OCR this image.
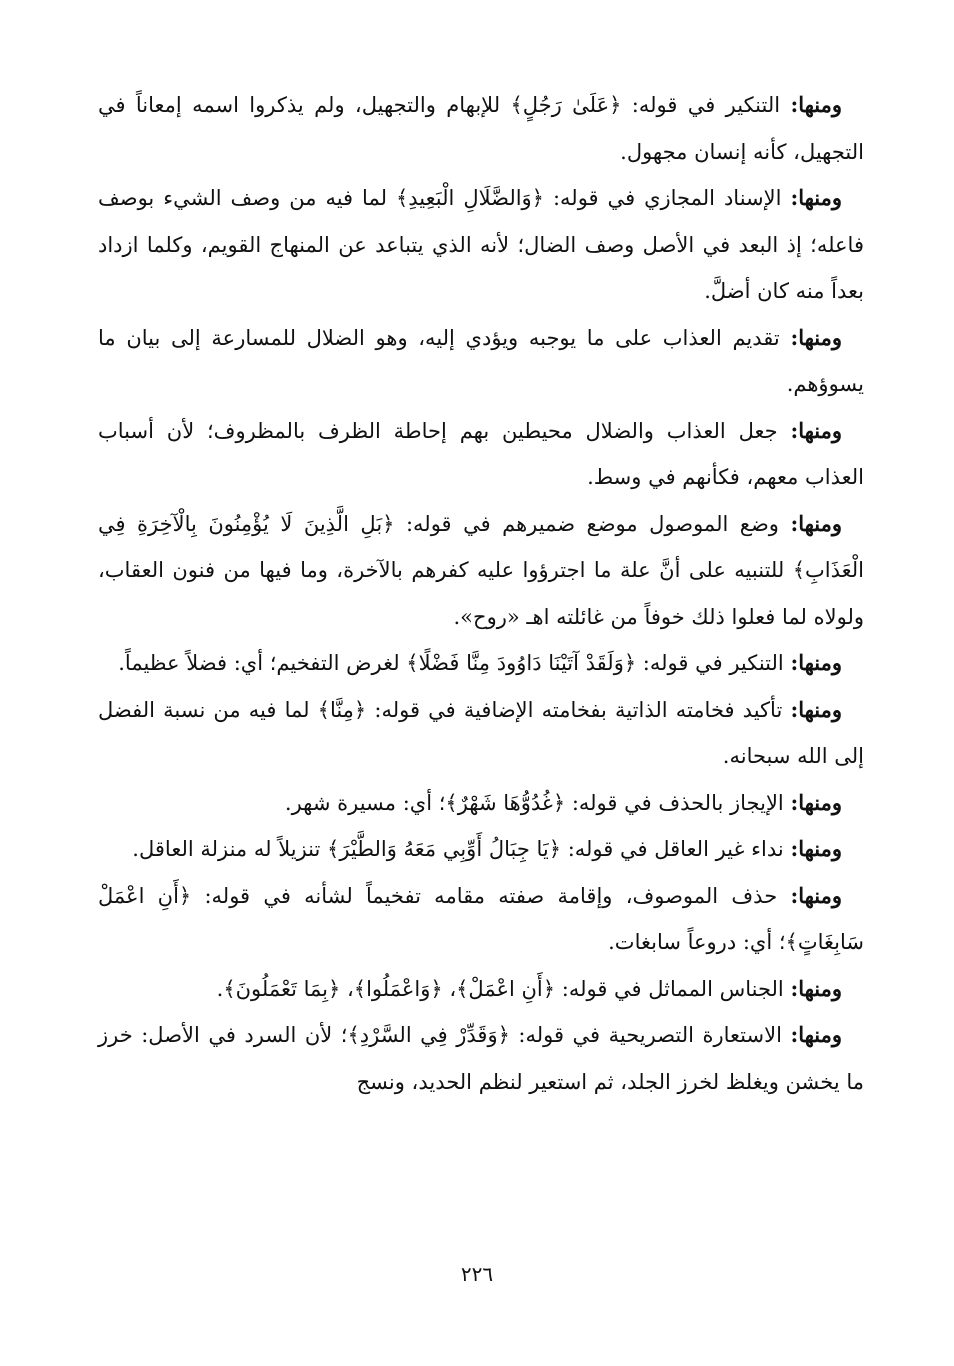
ومنها: التنكير في قوله: ﴿عَلَىٰ رَجُلٍ﴾ للإبهام والتجهيل، ولم يذكروا اسمه إمعاناً في التجهيل، كأنه إنسان مجهول.

ومنها: الإسناد المجازي في قوله: ﴿وَالضَّلَالِ الْبَعِيدِ﴾ لما فيه من وصف الشيء بوصف فاعله؛ إذ البعد في الأصل وصف الضال؛ لأنه الذي يتباعد عن المنهاج القويم، وكلما ازداد بعداً منه كان أضلَّ.

ومنها: تقديم العذاب على ما يوجبه ويؤدي إليه، وهو الضلال للمسارعة إلى بيان ما يسوؤهم.

ومنها: جعل العذاب والضلال محيطين بهم إحاطة الظرف بالمظروف؛ لأن أسباب العذاب معهم، فكأنهم في وسط.

ومنها: وضع الموصول موضع ضميرهم في قوله: ﴿بَلِ الَّذِينَ لَا يُؤْمِنُونَ بِالْآخِرَةِ فِي الْعَذَابِ﴾ للتنبيه على أنَّ علة ما اجترؤوا عليه كفرهم بالآخرة، وما فيها من فنون العقاب، ولولاه لما فعلوا ذلك خوفاً من غائلته اهـ «روح».

ومنها: التنكير في قوله: ﴿وَلَقَدْ آتَيْنَا دَاوُودَ مِنَّا فَضْلًا﴾ لغرض التفخيم؛ أي: فضلاً عظيماً.

ومنها: تأكيد فخامته الذاتية بفخامته الإضافية في قوله: ﴿مِنَّا﴾ لما فيه من نسبة الفضل إلى الله سبحانه.

ومنها: الإيجاز بالحذف في قوله: ﴿غُدُوُّهَا شَهْرٌ﴾؛ أي: مسيرة شهر.

ومنها: نداء غير العاقل في قوله: ﴿يَا جِبَالُ أَوِّبِي مَعَهُ وَالطَّيْرَ﴾ تنزيلاً له منزلة العاقل.

ومنها: حذف الموصوف، وإقامة صفته مقامه تفخيماً لشأنه في قوله: ﴿أَنِ اعْمَلْ سَابِغَاتٍ﴾؛ أي: دروعاً سابغات.

ومنها: الجناس المماثل في قوله: ﴿أَنِ اعْمَلْ﴾، ﴿وَاعْمَلُوا﴾، ﴿بِمَا تَعْمَلُونَ﴾.

ومنها: الاستعارة التصريحية في قوله: ﴿وَقَدِّرْ فِي السَّرْدِ﴾؛ لأن السرد في الأصل: خرز ما يخشن ويغلظ لخرز الجلد، ثم استعير لنظم الحديد، ونسج

٢٢٦
